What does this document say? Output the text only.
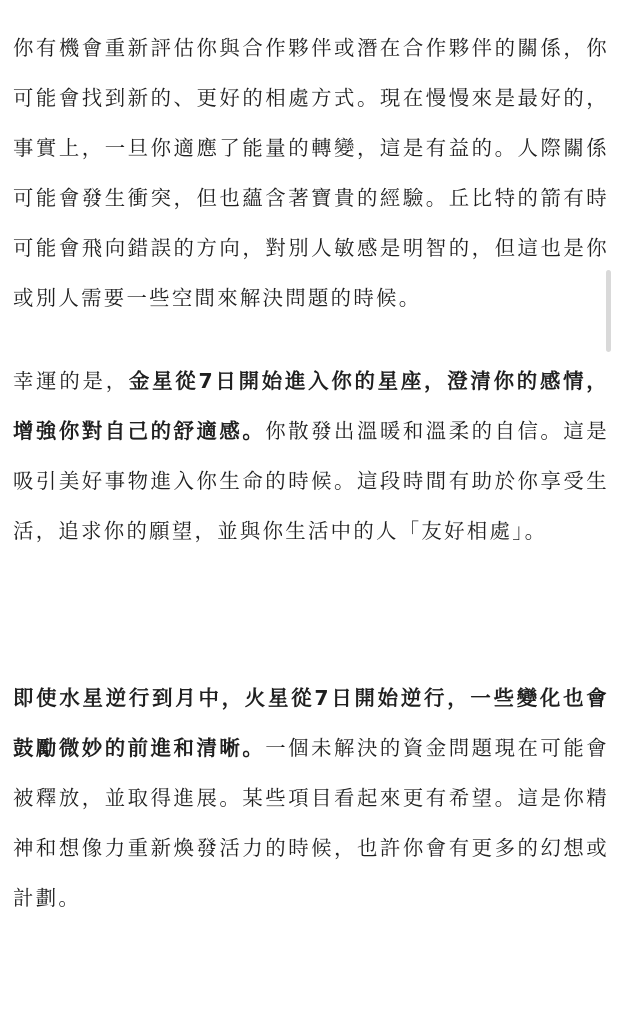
你有機會重新評估你與合作夥伴或潛在合作夥伴的關係，你可能會找到新的、更好的相處方式。現在慢慢來是最好的，事實上，一旦你適應了能量的轉變，這是有益的。人際關係可能會發生衝突，但也蘊含著寶貴的經驗。丘比特的箭有時可能會飛向錯誤的方向，對別人敏感是明智的，但這也是你或別人需要一些空間來解決問題的時候。

幸運的是，金星從7日開始進入你的星座，澄清你的感情，增強你對自己的舒適感。你散發出溫暖和溫柔的自信。這是吸引美好事物進入你生命的時候。這段時間有助於你享受生活，追求你的願望，並與你生活中的人「友好相處」。

即使水星逆行到月中，火星從7日開始逆行，一些變化也會鼓勵微妙的前進和清晰。一個未解決的資金問題現在可能會被釋放，並取得進展。某些項目看起來更有希望。這是你精神和想像力重新煥發活力的時候，也許你會有更多的幻想或計劃。
